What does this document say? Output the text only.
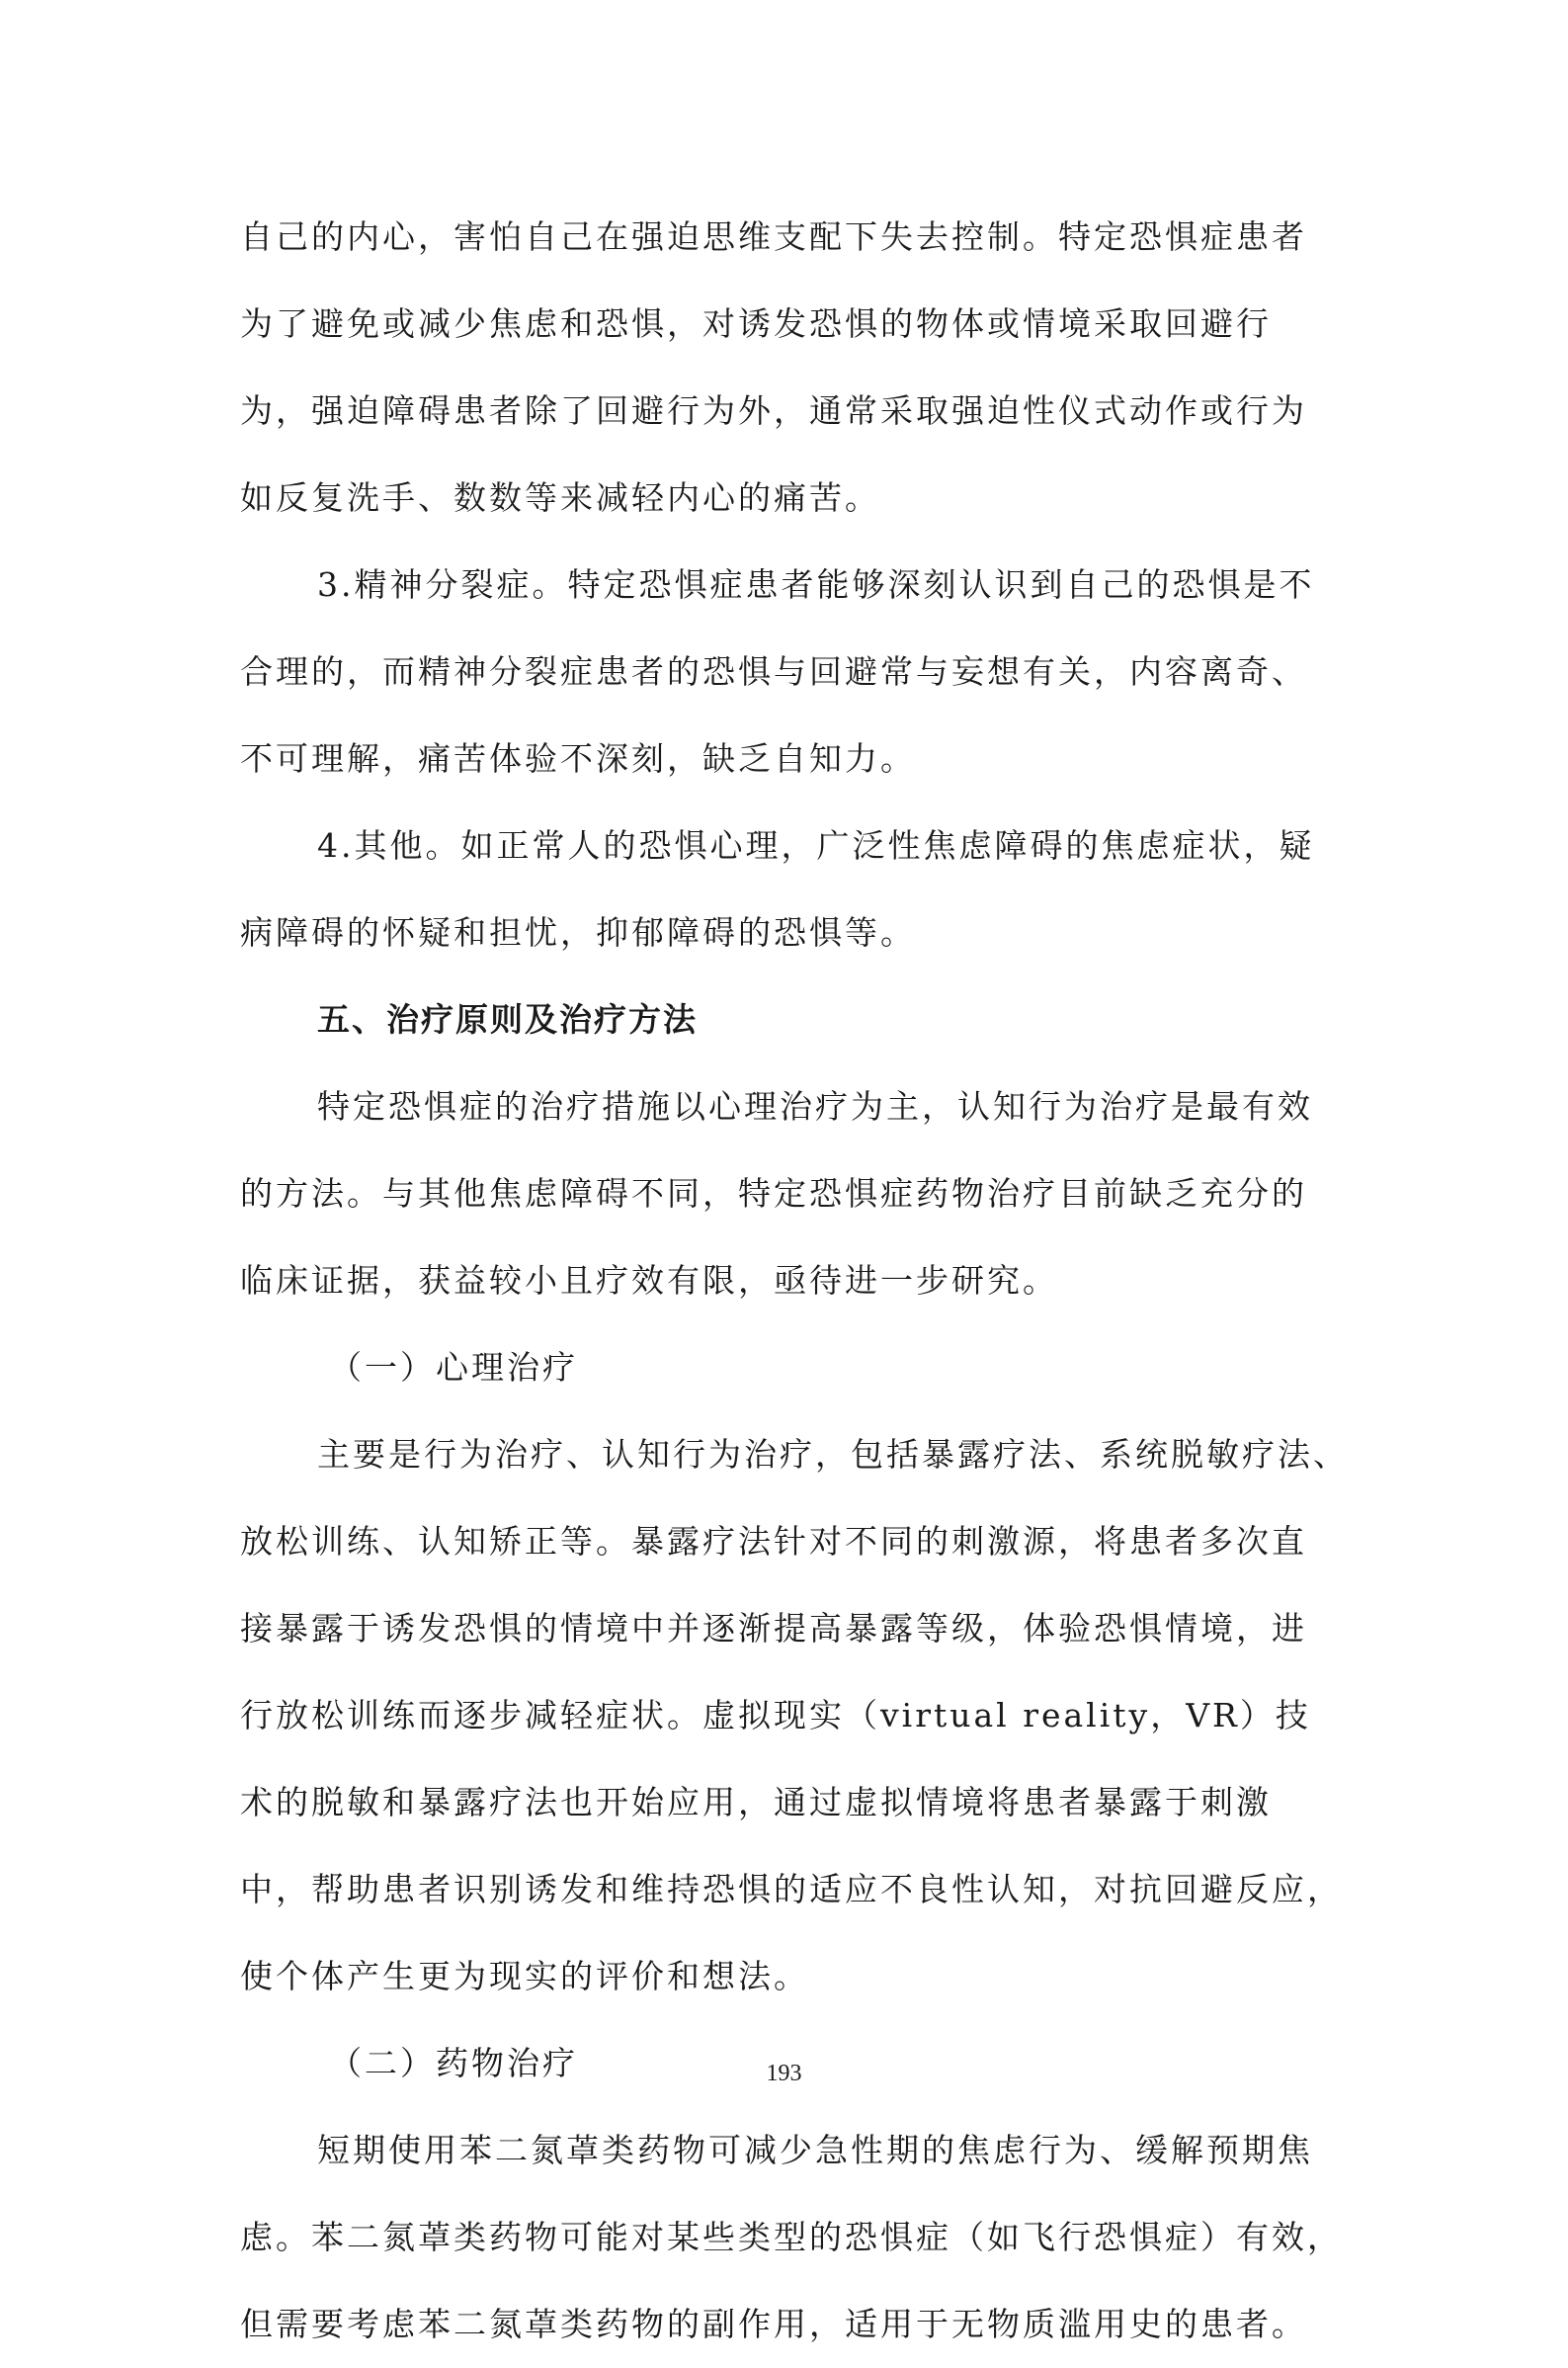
自己的内心，害怕自己在强迫思维支配下失去控制。特定恐惧症患者
为了避免或减少焦虑和恐惧，对诱发恐惧的物体或情境采取回避行
为，强迫障碍患者除了回避行为外，通常采取强迫性仪式动作或行为
如反复洗手、数数等来减轻内心的痛苦。
3.精神分裂症。特定恐惧症患者能够深刻认识到自己的恐惧是不
合理的，而精神分裂症患者的恐惧与回避常与妄想有关，内容离奇、
不可理解，痛苦体验不深刻，缺乏自知力。
4.其他。如正常人的恐惧心理，广泛性焦虑障碍的焦虑症状，疑
病障碍的怀疑和担忧，抑郁障碍的恐惧等。
五、治疗原则及治疗方法
特定恐惧症的治疗措施以心理治疗为主，认知行为治疗是最有效
的方法。与其他焦虑障碍不同，特定恐惧症药物治疗目前缺乏充分的
临床证据，获益较小且疗效有限，亟待进一步研究。
（一）心理治疗
主要是行为治疗、认知行为治疗，包括暴露疗法、系统脱敏疗法、
放松训练、认知矫正等。暴露疗法针对不同的刺激源，将患者多次直
接暴露于诱发恐惧的情境中并逐渐提高暴露等级，体验恐惧情境，进
行放松训练而逐步减轻症状。虚拟现实（virtual reality，VR）技
术的脱敏和暴露疗法也开始应用，通过虚拟情境将患者暴露于刺激
中，帮助患者识别诱发和维持恐惧的适应不良性认知，对抗回避反应，
使个体产生更为现实的评价和想法。
（二）药物治疗
短期使用苯二氮䓬类药物可减少急性期的焦虑行为、缓解预期焦
虑。苯二氮䓬类药物可能对某些类型的恐惧症（如飞行恐惧症）有效，
但需要考虑苯二氮䓬类药物的副作用，适用于无物质滥用史的患者。
193
